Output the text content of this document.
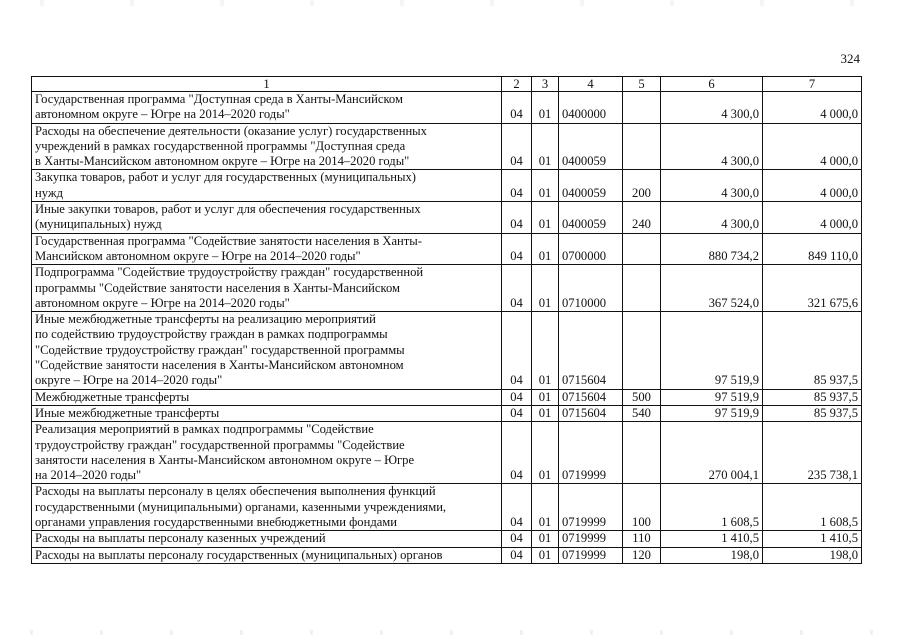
324
1	2	3	4	5	6	7
Государственная программа "Доступная среда в Ханты-Мансийском
автономном округе – Югре на 2014–2020 годы"	04	01	0400000		4 300,0	4 000,0
Расходы на обеспечение деятельности (оказание услуг) государственных
учреждений в рамках государственной программы "Доступная среда
в Ханты-Мансийском автономном округе – Югре на 2014–2020 годы"	04	01	0400059		4 300,0	4 000,0
Закупка товаров, работ и услуг для государственных (муниципальных)
нужд	04	01	0400059	200	4 300,0	4 000,0
Иные закупки товаров, работ и услуг для обеспечения государственных
(муниципальных) нужд	04	01	0400059	240	4 300,0	4 000,0
Государственная программа "Содействие занятости населения в Ханты-
Мансийском автономном округе – Югре на 2014–2020 годы"	04	01	0700000		880 734,2	849 110,0
Подпрограмма "Содействие трудоустройству граждан" государственной
программы "Содействие занятости населения в Ханты-Мансийском
автономном округе – Югре на 2014–2020 годы"	04	01	0710000		367 524,0	321 675,6
Иные межбюджетные трансферты на реализацию мероприятий
по содействию трудоустройству граждан в рамках подпрограммы
"Содействие трудоустройству граждан" государственной программы
"Содействие занятости населения в Ханты-Мансийском автономном
округе – Югре на 2014–2020 годы"	04	01	0715604		97 519,9	85 937,5
Межбюджетные трансферты	04	01	0715604	500	97 519,9	85 937,5
Иные межбюджетные трансферты	04	01	0715604	540	97 519,9	85 937,5
Реализация мероприятий в рамках подпрограммы "Содействие
трудоустройству граждан" государственной программы "Содействие
занятости населения в Ханты-Мансийском автономном округе – Югре
на 2014–2020 годы"	04	01	0719999		270 004,1	235 738,1
Расходы на выплаты персоналу в целях обеспечения выполнения функций
государственными (муниципальными) органами, казенными учреждениями,
органами управления государственными внебюджетными фондами	04	01	0719999	100	1 608,5	1 608,5
Расходы на выплаты персоналу казенных учреждений	04	01	0719999	110	1 410,5	1 410,5
Расходы на выплаты персоналу государственных (муниципальных) органов	04	01	0719999	120	198,0	198,0
